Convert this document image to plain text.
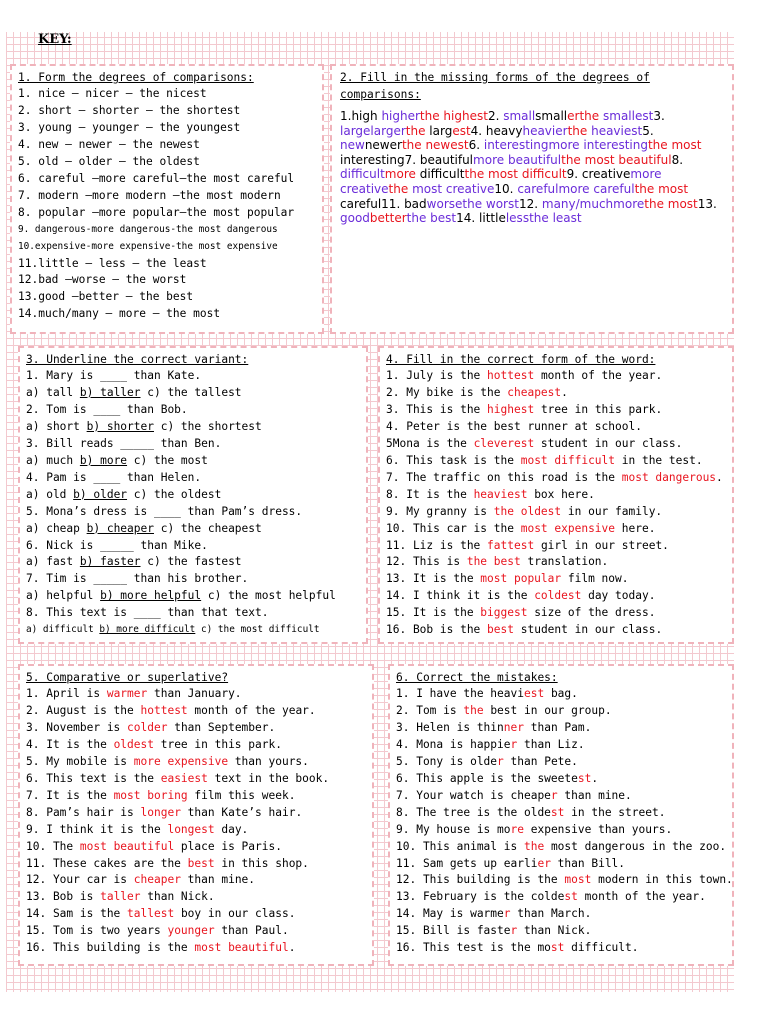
KEY:
1. Form the degrees of comparisons:
1. nice – nicer – the nicest
2. short – shorter – the shortest
3. young – younger – the youngest
4. new – newer – the newest
5. old – older – the oldest
6. careful –more careful–the most careful
7. modern –more modern –the most modern
8. popular –more popular–the most popular
9. dangerous-more dangerous-the most dangerous
10.expensive-more expensive-the most expensive
11.little – less – the least
12.bad –worse – the worst
13.good –better – the best
14.much/many – more – the most
2. Fill in the missing forms of the degrees of comparisons:

1.high higherthe highest2. smallsmallerthe smallest3. largelargerthe largest4. heavyheavierthe heaviest5. newnewerthe newest6. interestingmore interestingthe most interesting7. beautifulmore beautifulthe most beautiful8. difficultmore difficultthe most difficult9. creativemore creativethe most creative10. carefulmore carefulthe most careful11. badworsethe worst12. many/muchmorethe most13. goodbetterthe best14. littlelessthe least

3. Underline the correct variant:
1. Mary is ____ than Kate.
a) tall b) taller c) the tallest
2. Tom is ____ than Bob.
a) short b) shorter c) the shortest
3. Bill reads _____ than Ben.
a) much b) more c) the most
4. Pam is ____ than Helen.
a) old b) older c) the oldest
5. Mona’s dress is ____ than Pam’s dress.
a) cheap b) cheaper c) the cheapest
6. Nick is _____ than Mike.
a) fast b) faster c) the fastest
7. Tim is _____ than his brother.
a) helpful b) more helpful c) the most helpful
8. This text is ____ than that text.
a) difficult b) more difficult c) the most difficult
4. Fill in the correct form of the word:
1. July is the hottest month of the year.
2. My bike is the cheapest.
3. This is the highest tree in this park.
4. Peter is the best runner at school.
5Mona is the cleverest student in our class.
6. This task is the most difficult in the test.
7. The traffic on this road is the most dangerous.
8. It is the heaviest box here.
9. My granny is the oldest in our family.
10. This car is the most expensive here.
11. Liz is the fattest girl in our street.
12. This is the best translation.
13. It is the most popular film now.
14. I think it is the coldest day today.
15. It is the biggest size of the dress.
16. Bob is the best student in our class.
5. Comparative or superlative?
1. April is warmer than January.
2. August is the hottest month of the year.
3. November is colder than September.
4. It is the oldest tree in this park.
5. My mobile is more expensive than yours.
6. This text is the easiest text in the book.
7. It is the most boring film this week.
8. Pam’s hair is longer than Kate’s hair.
9. I think it is the longest day.
10. The most beautiful place is Paris.
11. These cakes are the best in this shop.
12. Your car is cheaper than mine.
13. Bob is taller than Nick.
14. Sam is the tallest boy in our class.
15. Tom is two years younger than Paul.
16. This building is the most beautiful.
6. Correct the mistakes:
1. I have the heaviest bag.
2. Tom is the best in our group.
3. Helen is thinner than Pam.
4. Mona is happier than Liz.
5. Tony is older than Pete.
6. This apple is the sweetest.
7. Your watch is cheaper than mine.
8. The tree is the oldest in the street.
9. My house is more expensive than yours.
10. This animal is the most dangerous in the zoo.
11. Sam gets up earlier than Bill.
12. This building is the most modern in this town.
13. February is the coldest month of the year.
14. May is warmer than March.
15. Bill is faster than Nick.
16. This test is the most difficult.
